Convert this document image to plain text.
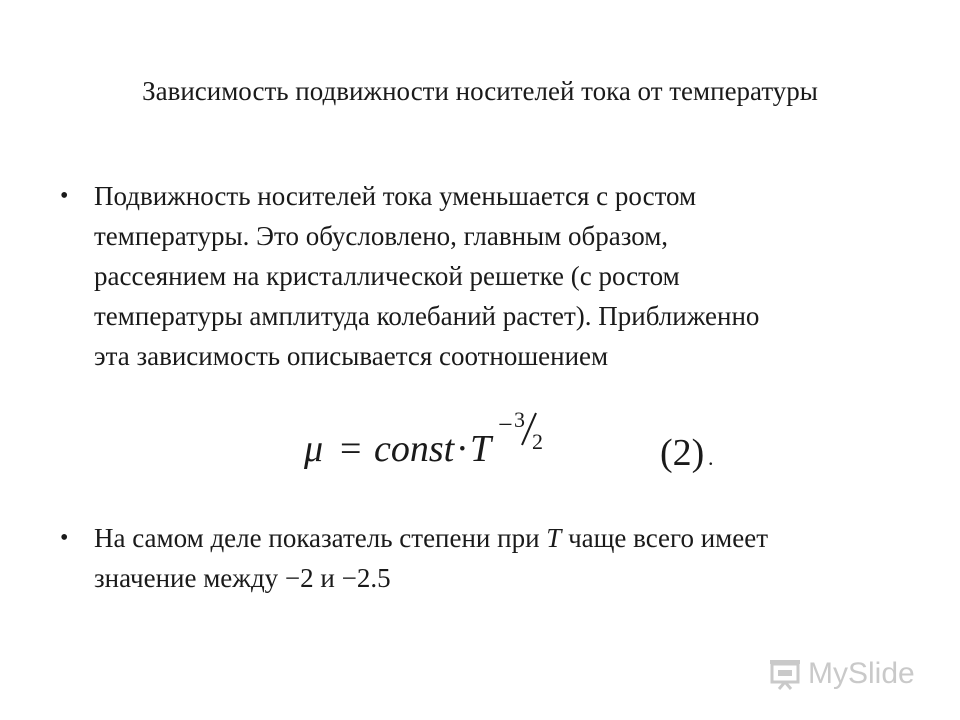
Зависимость подвижности носителей тока от температуры
• Подвижность носителей тока уменьшается с ростом
температуры. Это обусловлено, главным образом,
рассеянием на кристаллической решетке (с ростом
температуры амплитуда колебаний растет). Приближенно
эта зависимость описывается соотношением
μ = const · T
− 3
2	(2) .
• На самом деле показатель степени при T чаще всего имеет
значение между −2 и −2.5
MySlide
